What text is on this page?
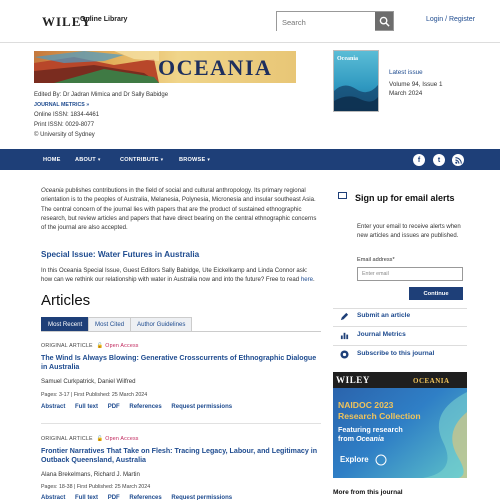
WILEY
Online Library
Search	Login / Register
OCEANIA
Edited By: Dr Jadran Mimica and Dr Sally Babidge
JOURNAL METRICS »
Online ISSN: 1834-4461
Print ISSN: 0029-8077
© University of Sydney
Oceania
Latest issue
Volume 94, Issue 1
March 2024
HOME	ABOUT ▾	CONTRIBUTE ▾	BROWSE ▾	f	t
Oceania publishes contributions in the field of social and cultural anthropology. Its primary regional orientation is to the peoples of Australia, Melanesia, Polynesia, Micronesia and insular southeast Asia. The central concern of the journal lies with papers that are the product of sustained ethnographic research, but review articles and papers that have direct bearing on the central ethnographic concerns of the journal are also accepted.
Special Issue: Water Futures in Australia
In this Oceania Special Issue, Guest Editors Sally Babidge, Ute Eickelkamp and Linda Connor ask: how can we rethink our relationship with water in Australia now and into the future? Free to read here.
Articles
Most Recent	Most Cited	Author Guidelines
ORIGINAL ARTICLE 🔓 Open Access
The Wind Is Always Blowing: Generative Crosscurrents of Ethnographic Dialogue in Australia
Samuel Curkpatrick, Daniel Wilfred
Pages: 3-17 | First Published: 25 March 2024
Abstract Full text PDF References Request permissions
ORIGINAL ARTICLE 🔓 Open Access
Frontier Narratives That Take on Flesh: Tracing Legacy, Labour, and Legitimacy in Outback Queensland, Australia
Alana Brekelmans, Richard J. Martin
Pages: 18-38 | First Published: 25 March 2024
Abstract Full text PDF References Request permissions
Sign up for email alerts
Enter your email to receive alerts when new articles and issues are published.
Email address*
Enter email
Continue
Submit an article
Journal Metrics
Subscribe to this journal
WILEY	OCEANIA
NAIDOC 2023 Research Collection
Featuring research
from Oceania
Explore
More from this journal
